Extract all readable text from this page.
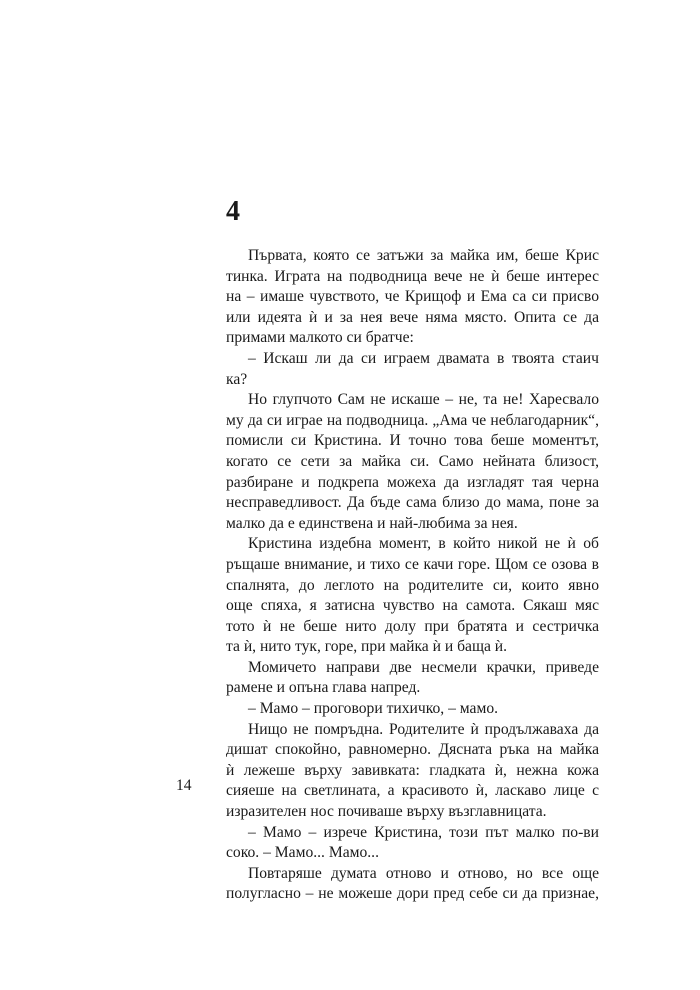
4
Първата, която се затъжи за майка им, беше Крис
тинка. Играта на подводница вече не ѝ беше интерес
на – имаше чувството, че Крищоф и Ема са си присво
или идеята ѝ и за нея вече няма място. Опита се да
примами малкото си братче:
– Искаш ли да си играем двамата в твоята стаич
ка?
Но глупчото Сам не искаше – не, та не! Харесвало
му да си играе на подводница. „Ама че неблагодарник“,
помисли си Кристина. И точно това беше моментът,
когато се сети за майка си. Само нейната близост,
разбиране и подкрепа можеха да изгладят тая черна
несправедливост. Да бъде сама близо до мама, поне за
малко да е единствена и най-любима за нея.
Кристина издебна момент, в който никой не ѝ об
ръщаше внимание, и тихо се качи горе. Щом се озова в
спалнята, до леглото на родителите си, които явно
още спяха, я затисна чувство на самота. Сякаш мяс
тото ѝ не беше нито долу при братята и сестричка
та ѝ, нито тук, горе, при майка ѝ и баща ѝ.
Момичето направи две несмели крачки, приведе
рамене и опъна глава напред.
– Мамо – проговори тихичко, – мамо.
Нищо не помръдна. Родителите ѝ продължаваха да
дишат спокойно, равномерно. Дясната ръка на майка
ѝ лежеше върху завивката: гладката ѝ, нежна кожа
сияеше на светлината, а красивото ѝ, ласкаво лице с
изразителен нос почиваше върху възглавницата.
– Мамо – изрече Кристина, този път малко по-ви
соко. – Мамо... Мамо...
Повтаряше думата отново и отново, но все още
полугласно – не можеше дори пред себе си да признае,
14
